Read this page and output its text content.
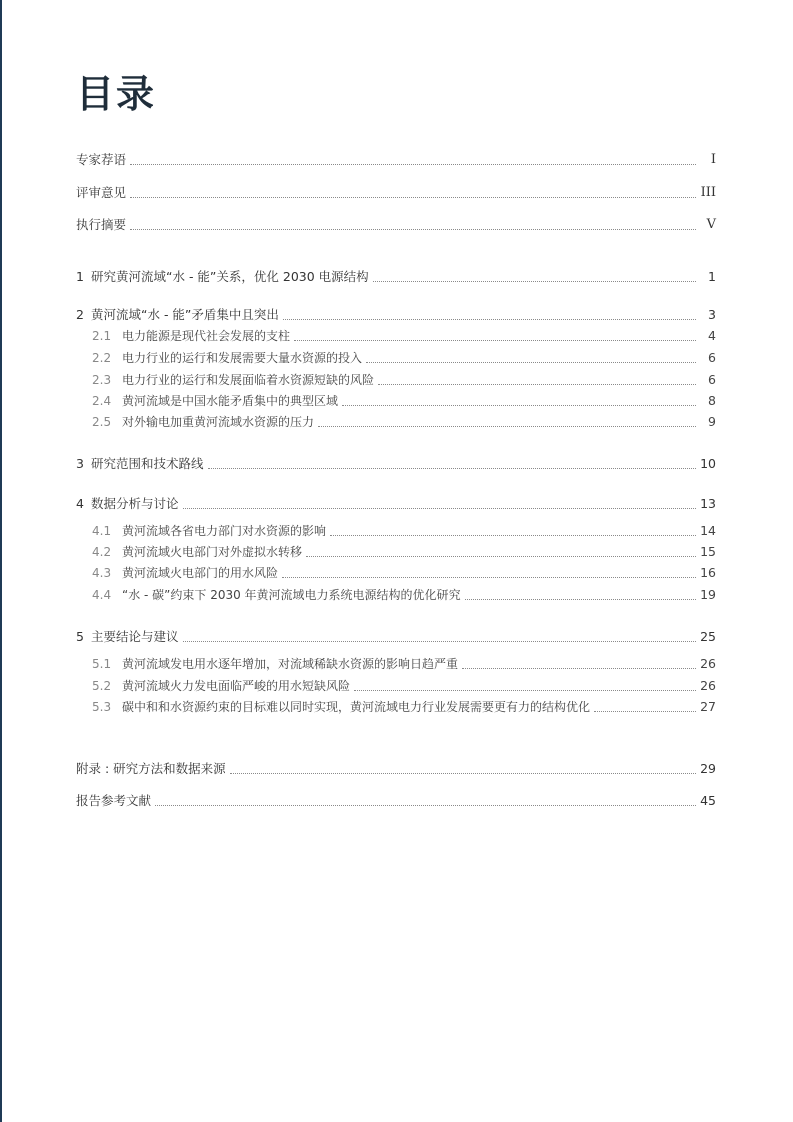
目录
专家荐语	I
评审意见	III
执行摘要	V
1 研究黄河流域“水 - 能”关系，优化 2030 电源结构	1
2 黄河流域“水 - 能”矛盾集中且突出	3
2.1 电力能源是现代社会发展的支柱	4
2.2 电力行业的运行和发展需要大量水资源的投入	6
2.3 电力行业的运行和发展面临着水资源短缺的风险	6
2.4 黄河流域是中国水能矛盾集中的典型区域	8
2.5 对外输电加重黄河流域水资源的压力	9
3 研究范围和技术路线	10
4 数据分析与讨论	13
4.1 黄河流域各省电力部门对水资源的影响	14
4.2 黄河流域火电部门对外虚拟水转移	15
4.3 黄河流域火电部门的用水风险	16
4.4 “水 - 碳”约束下 2030 年黄河流域电力系统电源结构的优化研究	19
5 主要结论与建议	25
5.1 黄河流域发电用水逐年增加，对流域稀缺水资源的影响日趋严重	26
5.2 黄河流域火力发电面临严峻的用水短缺风险	26
5.3 碳中和和水资源约束的目标难以同时实现，黄河流域电力行业发展需要更有力的结构优化	27
附录 : 研究方法和数据来源	29
报告参考文献	45
